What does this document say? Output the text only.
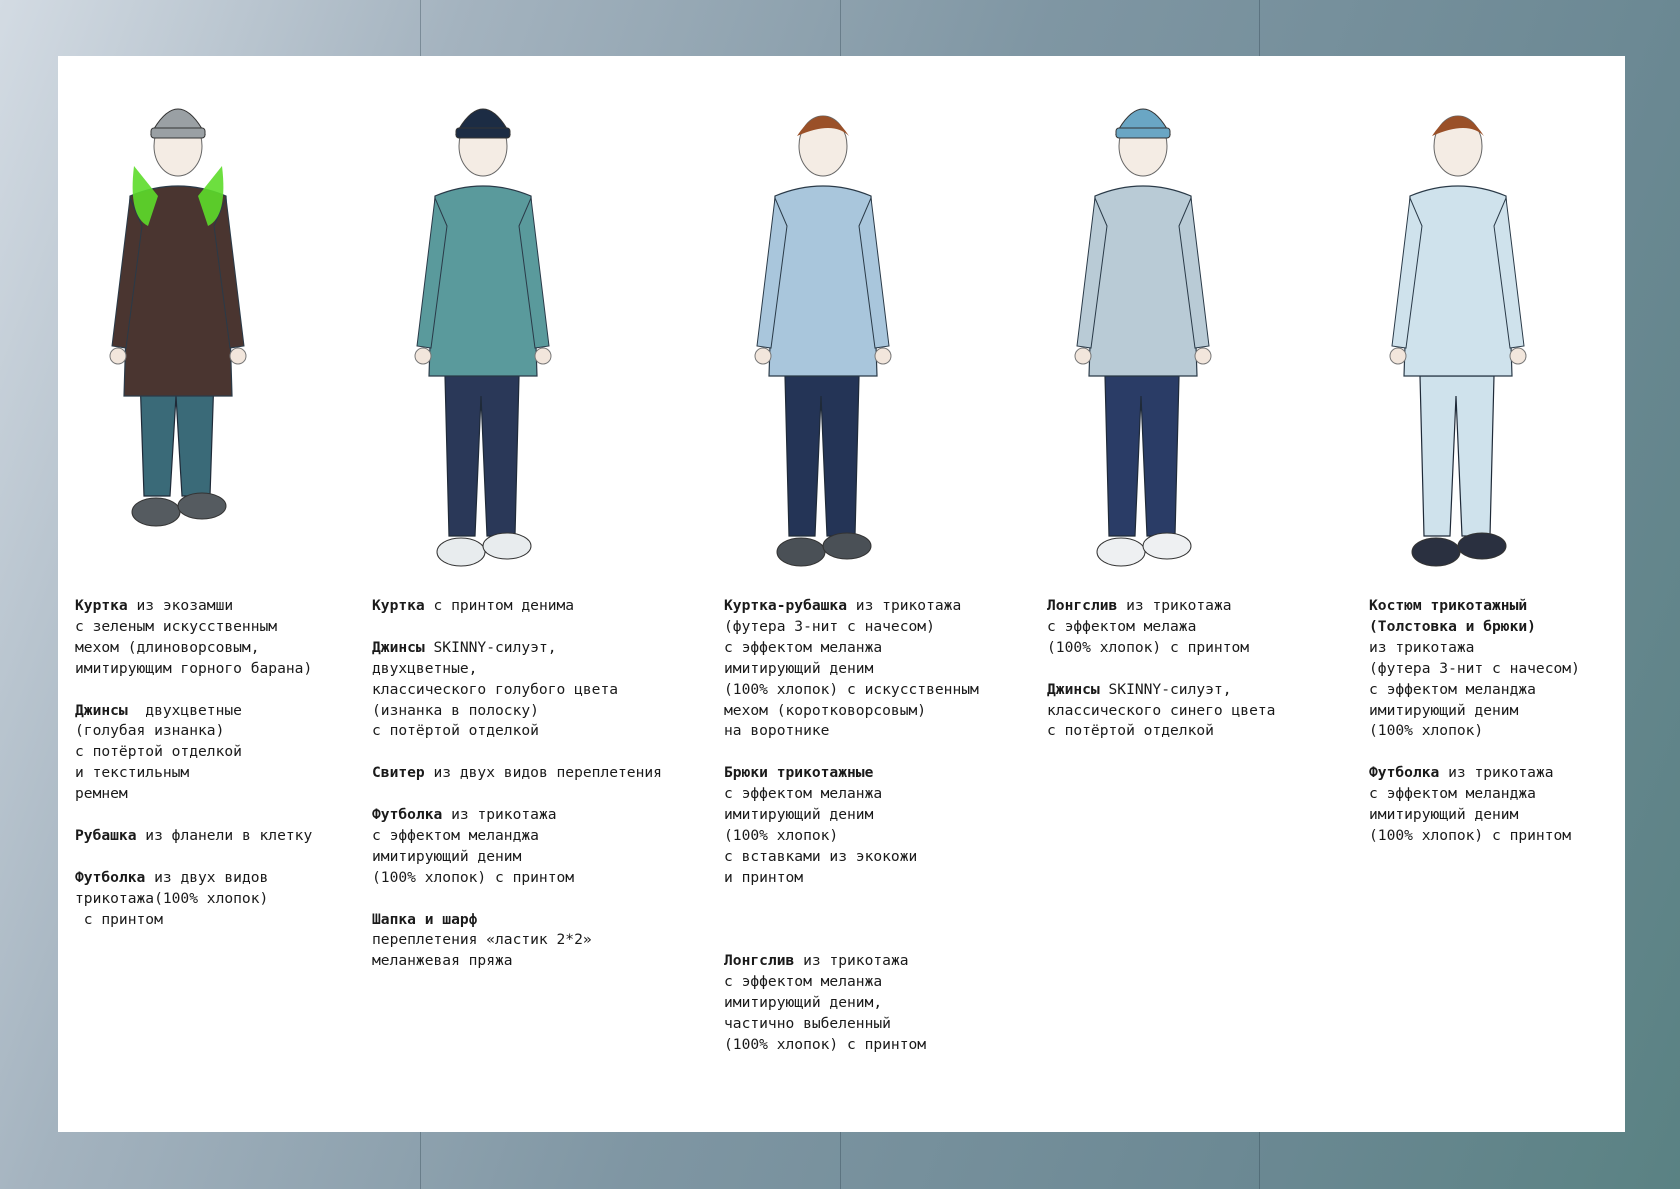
Куртка из экозамши
с зеленым искусственным
мехом (длиноворсовым,
имитирующим горного барана)
Джинсы  двухцветные
(голубая изнанка)
с потёртой отделкой
и текстильным
ремнем
Рубашка из фланели в клетку
Футболка из двух видов
трикотажа(100% хлопок)
с принтом
Куртка с принтом денима
Джинсы SKINNY-силуэт,
двухцветные,
классического голубого цвета
(изнанка в полоску)
с потёртой отделкой
Свитер из двух видов переплетения
Футболка из трикотажа
с эффектом меланджа
имитирующий деним
(100% хлопок) с принтом
Шапка и шарф
переплетения «ластик 2*2»
меланжевая пряжа
Куртка-рубашка из трикотажа
(футера 3-нит с начесом)
с эффектом меланжа
имитирующий деним
(100% хлопок) с искусственным
мехом (коротковорсовым)
на воротнике
Брюки трикотажные
с эффектом меланжа
имитирующий деним
(100% хлопок)
с вставками из экокожи
и принтом
Лонгслив из трикотажа
с эффектом меланжа
имитирующий деним,
частично выбеленный
(100% хлопок) с принтом
Лонгслив из трикотажа
с эффектом мелажа
(100% хлопок) с принтом
Джинсы SKINNY-силуэт,
классического синего цвета
с потёртой отделкой
Костюм трикотажный
(Толстовка и брюки)
из трикотажа
(футера 3-нит с начесом)
с эффектом меланджа
имитирующий деним
(100% хлопок)
Футболка из трикотажа
с эффектом меланджа
имитирующий деним
(100% хлопок) с принтом
